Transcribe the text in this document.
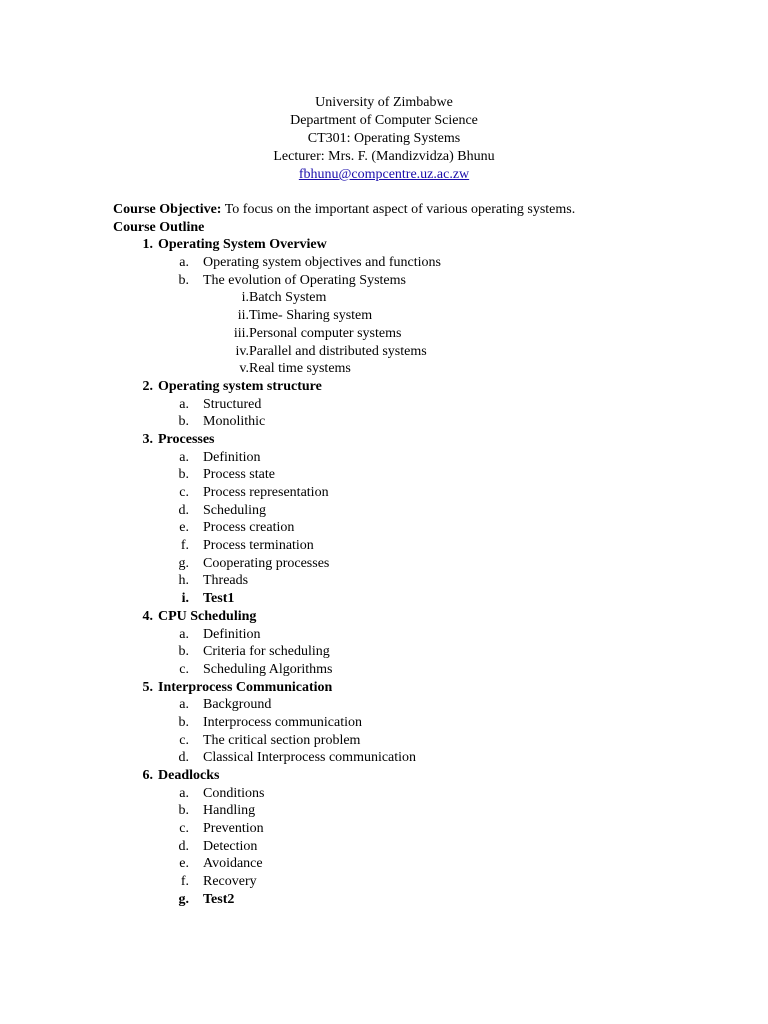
University of Zimbabwe
Department of Computer Science
CT301: Operating Systems
Lecturer: Mrs. F. (Mandizvidza) Bhunu
fbhunu@compcentre.uz.ac.zw
Course Objective: To focus on the important aspect of various operating systems.
Course Outline
1. Operating System Overview
a. Operating system objectives and functions
b. The evolution of Operating Systems
i. Batch System
ii. Time- Sharing system
iii. Personal computer systems
iv. Parallel and distributed systems
v. Real time systems
2. Operating system structure
a. Structured
b. Monolithic
3. Processes
a. Definition
b. Process state
c. Process representation
d. Scheduling
e. Process creation
f. Process termination
g. Cooperating processes
h. Threads
i. Test1
4. CPU Scheduling
a. Definition
b. Criteria for scheduling
c. Scheduling Algorithms
5. Interprocess Communication
a. Background
b. Interprocess communication
c. The critical section problem
d. Classical Interprocess communication
6. Deadlocks
a. Conditions
b. Handling
c. Prevention
d. Detection
e. Avoidance
f. Recovery
g. Test2
